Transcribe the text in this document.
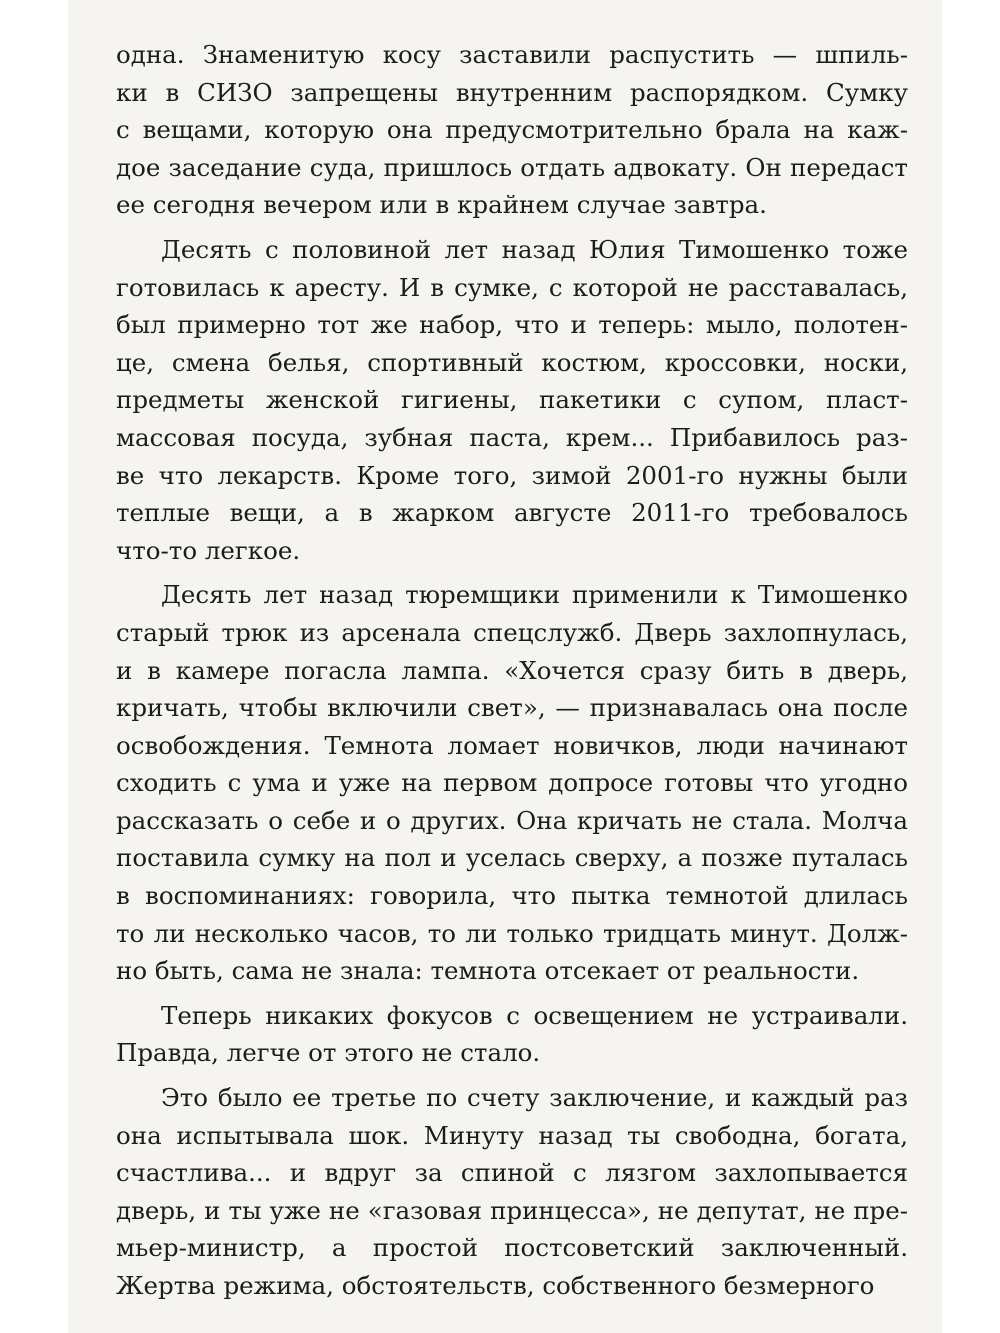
одна. Знаменитую косу заставили распустить — шпиль-
ки в СИЗО запрещены внутренним распорядком. Сумку
с вещами, которую она предусмотрительно брала на каж-
дое заседание суда, пришлось отдать адвокату. Он передаст
ее сегодня вечером или в крайнем случае завтра.
Десять с половиной лет назад Юлия Тимошенко тоже
готовилась к аресту. И в сумке, с которой не расставалась,
был примерно тот же набор, что и теперь: мыло, полотен-
це, смена белья, спортивный костюм, кроссовки, носки,
предметы женской гигиены, пакетики с супом, пласт-
массовая посуда, зубная паста, крем... Прибавилось раз-
ве что лекарств. Кроме того, зимой 2001-го нужны были
теплые вещи, а в жарком августе 2011-го требовалось
что-то легкое.
Десять лет назад тюремщики применили к Тимошенко
старый трюк из арсенала спецслужб. Дверь захлопнулась,
и в камере погасла лампа. «Хочется сразу бить в дверь,
кричать, чтобы включили свет», — признавалась она после
освобождения. Темнота ломает новичков, люди начинают
сходить с ума и уже на первом допросе готовы что угодно
рассказать о себе и о других. Она кричать не стала. Молча
поставила сумку на пол и уселась сверху, а позже путалась
в воспоминаниях: говорила, что пытка темнотой длилась
то ли несколько часов, то ли только тридцать минут. Долж-
но быть, сама не знала: темнота отсекает от реальности.
Теперь никаких фокусов с освещением не устраивали.
Правда, легче от этого не стало.
Это было ее третье по счету заключение, и каждый раз
она испытывала шок. Минуту назад ты свободна, богата,
счастлива... и вдруг за спиной с лязгом захлопывается
дверь, и ты уже не «газовая принцесса», не депутат, не пре-
мьер-министр, а простой постсоветский заключенный.
Жертва режима, обстоятельств, собственного безмерного
